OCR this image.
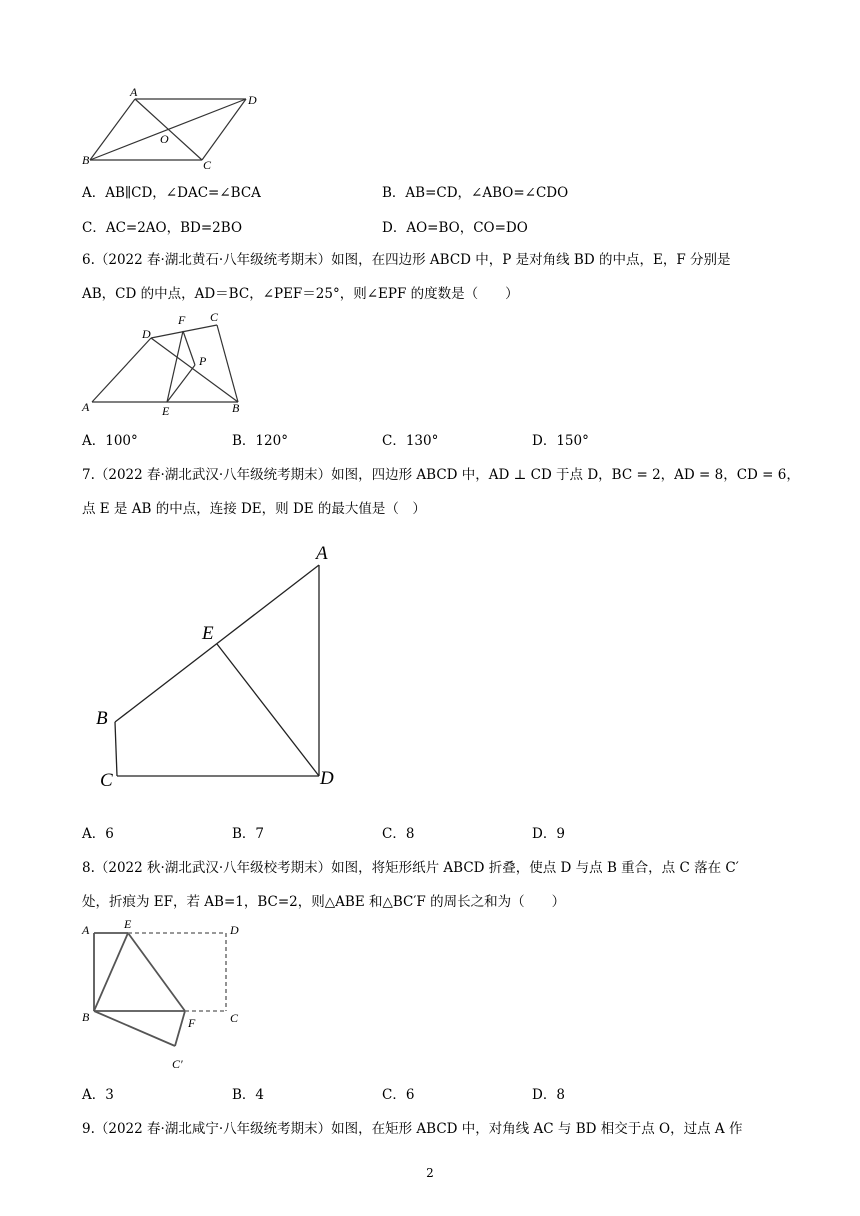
A
D
O
B	C
A．AB∥CD，∠DAC=∠BCA	B．AB=CD，∠ABO=∠CDO
C．AC=2AO，BD=2BO	D．AO=BO，CO=DO
6.（2022 春·湖北黄石·八年级统考期末）如图，在四边形 ABCD 中，P 是对角线 BD 的中点，E，F 分别是
AB，CD 的中点，AD＝BC，∠PEF＝25°，则∠EPF 的度数是（　　）
D
F C
P
A	E	B
A．100°	B．120°	C．130°	D．150°
7.（2022 春·湖北武汉·八年级统考期末）如图，四边形 ABCD 中，AD ⊥ CD 于点 D，BC = 2，AD = 8，CD = 6，
点 E 是 AB 的中点，连接 DE，则 DE 的最大值是（　）
A
E
B
C	D
A．6	B．7	C．8	D．9
8.（2022 秋·湖北武汉·八年级校考期末）如图，将矩形纸片 ABCD 折叠，使点 D 与点 B 重合，点 C 落在 C′
处，折痕为 EF，若 AB=1，BC=2，则△ABE 和△BC′F 的周长之和为（　　）
A	E	D
B	F	C
C′
A．3	B．4	C．6	D．8
9.（2022 春·湖北咸宁·八年级统考期末）如图，在矩形 ABCD 中，对角线 AC 与 BD 相交于点 O，过点 A 作
2
